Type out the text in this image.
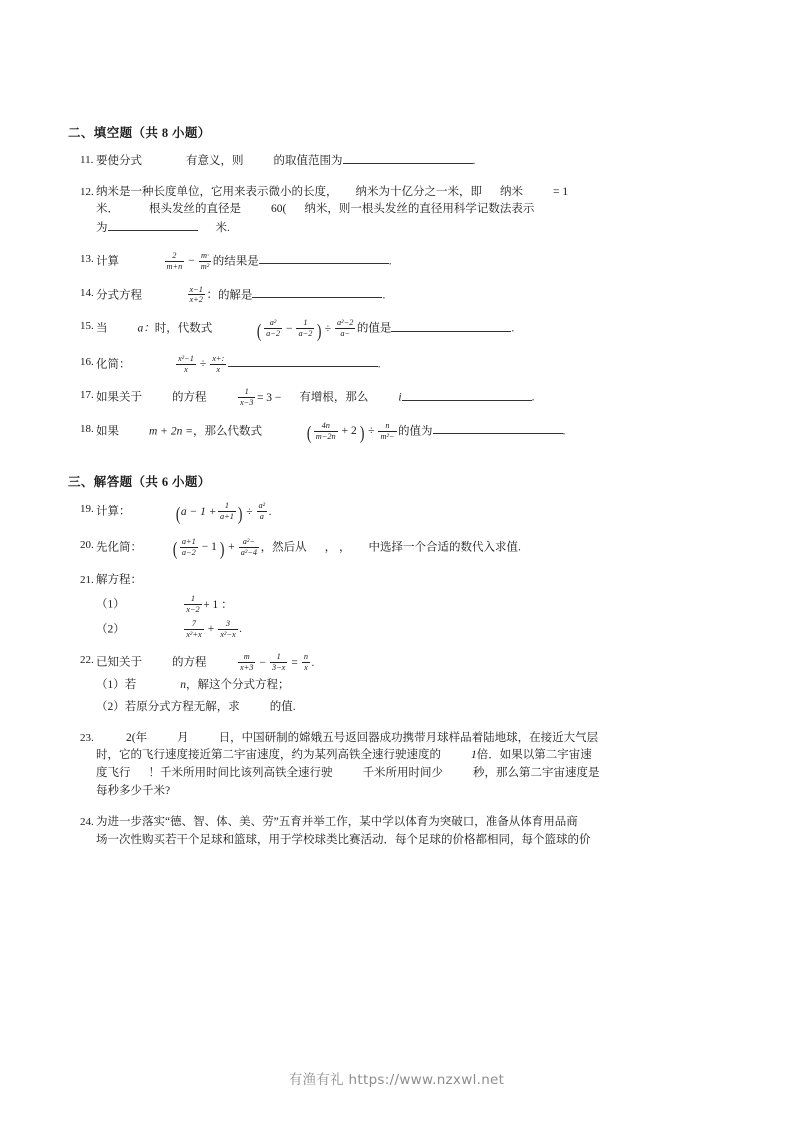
二、填空题（共 8 小题）
11. 要使分式	有意义，则	的取值范围为	.
12. 纳米是一种长度单位，它用来表示微小的长度， 纳米为十亿分之一米，即 纳米	= 1
米．	根头发丝的直径是	60( 纳米，则一根头发丝的直径用科学记数法表示
为	米.
13. 计算	$\frac{2}{m+n} - \frac{m\cdot}{\text{m²}}$ 的结果是	.
14. 分式方程	$\frac{x-1}{x+2}$ ：的解是	.
15. 当	a：时，代数式 ( $\frac{\text{a²}}{a-2} - \frac{1}{a-2}$ ) ÷ $\frac{\text{a²−2}}{a-}$ 的值是	.
16. 化简：	$\frac{\text{x²−1}}{x} \div \frac{x+:}{x}$	.
17. 如果关于	的方程	$\frac{1}{x-3} = 3$ − 有增根，那么	i	.
18. 如果	m + 2n =，那么代数式 ( $\frac{4n}{m-2n} + 2$ ) ÷ $\frac{n}{\text{m²−}}$ 的值为	.
三、解答题（共 6 小题）
19. 计算： ($a - 1 + \frac{1}{a+1}$ ) ÷ $\frac{\text{a²}}{a}$ .
20. 先化简： ( $\frac{a+1}{a-2} - 1$ ) + $\frac{\text{a²−}}{\text{a²−4}}$ ，然后从 ， ， 中选择一个合适的数代入求值.
21. 解方程：
（1）	$\frac{1}{x-2} + 1$ ：
（2）	$\frac{7}{\text{x²+x}} + \frac{3}{\text{x²−x}}$ .
22. 已知关于	的方程	$\frac{m}{x+3} - \frac{1}{3-x} = \frac{n}{x}$ .
（1）若	n，解这个分式方程；
（2）若原分式方程无解，求	的值.
23.	2(年	月	日，中国研制的嫦娥五号返回器成功携带月球样品着陆地球，在接近大气层
时，它的飞行速度接近第二宇宙速度，约为某列高铁全速行驶速度的	1倍．如果以第二宇宙速
度飞行 ！千米所用时间比该列高铁全速行驶	千米所用时间少	秒，那么第二宇宙速度是
每秒多少千米?
24. 为进一步落实“德、智、体、美、劳”五育并举工作，某中学以体育为突破口，准备从体育用品商
场一次性购买若干个足球和篮球，用于学校球类比赛活动．每个足球的价格都相同，每个篮球的价
有渔有礼 https://www.nzxwl.net
